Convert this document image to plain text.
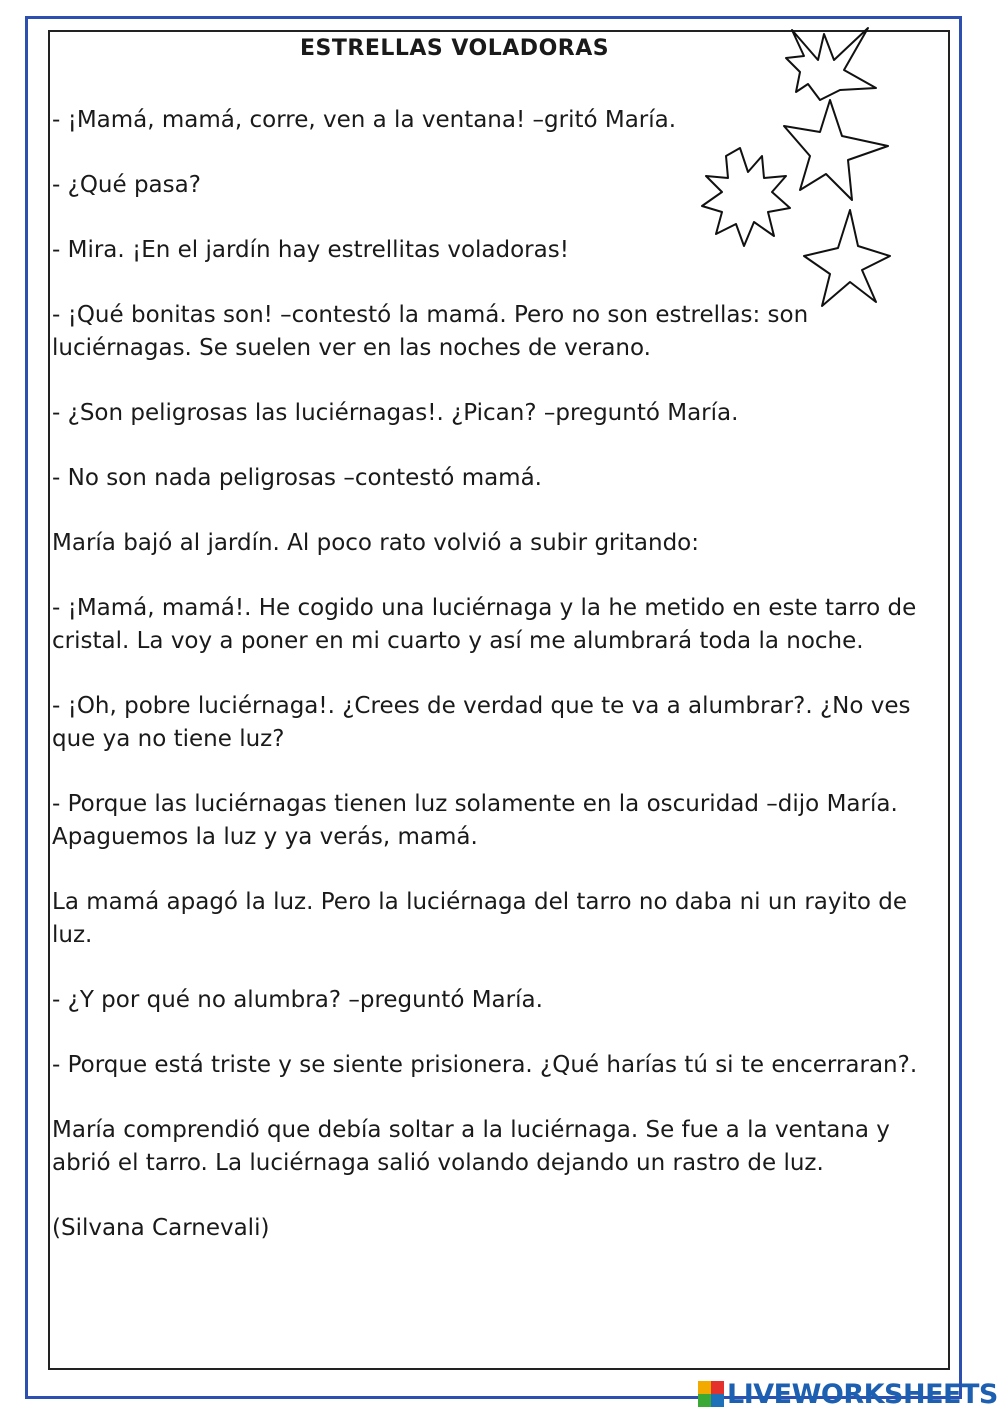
ESTRELLAS VOLADORAS

- ¡Mamá, mamá, corre, ven a la ventana! –gritó María.

- ¿Qué pasa?

- Mira. ¡En el jardín hay estrellitas voladoras!

- ¡Qué bonitas son! –contestó la mamá. Pero no son estrellas: son luciérnagas. Se suelen ver en las noches de verano.

- ¿Son peligrosas las luciérnagas!. ¿Pican? –preguntó María.

- No son nada peligrosas –contestó mamá.

María bajó al jardín. Al poco rato volvió a subir gritando:

- ¡Mamá, mamá!. He cogido una luciérnaga y la he metido en este tarro de cristal. La voy a poner en mi cuarto y así me alumbrará toda la noche.

- ¡Oh, pobre luciérnaga!. ¿Crees de verdad que te va a alumbrar?. ¿No ves que ya no tiene luz?

- Porque las luciérnagas tienen luz solamente en la oscuridad –dijo María. Apaguemos la luz y ya verás, mamá.

La mamá apagó la luz. Pero la luciérnaga del tarro no daba ni un rayito de luz.

- ¿Y por qué no alumbra? –preguntó María.

- Porque está triste y se siente prisionera. ¿Qué harías tú si te encerraran?.

María comprendió que debía soltar a la luciérnaga. Se fue a la ventana y abrió el tarro. La luciérnaga salió volando dejando un rastro de luz.

(Silvana Carnevali)

LIVEWORKSHEETS
